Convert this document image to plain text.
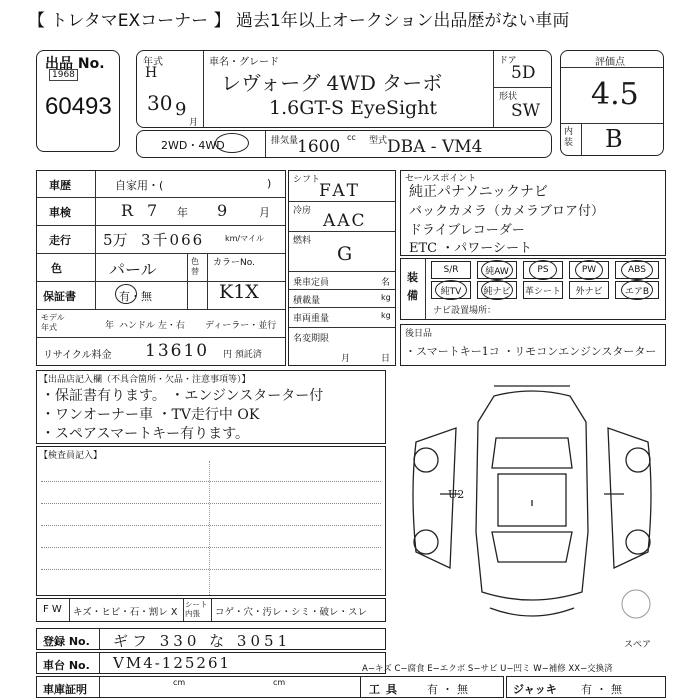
【 トレタマEXコーナー 】 過去1年以上オークション出品歴がない車両
出品 No.
1968
60493
年式
H
30 9
月
車名・グレード
レヴォーグ 4WD ターボ
1.6GT-S EyeSight
ドア
5D
形状
SW
評価点
4.5
内装 B
2WD・4WD	排気量
1600 cc 型式 DBA - VM4
車歴	自家用・(	)
車検	R 7 年 9	月
走行 5万 3千066	km/マイル
色	パール	色替
カラーNo.
保証書	有・無	K1X
モデル年式	年 ハンドル 左・右 ディーラー・並行
リサイクル料金 13610 円 預託済
シフト
FAT
冷房 AAC
燃料
G
乗車定員	名
積載量	kg
車両重量	kg
名変期限
月	日
セールスポイント
純正パナソニックナビ
バックカメラ（カメラブロア付）
ドライブレコーダー
ETC ・パワーシート
装備
S/R	純AW	PS	PW	ABS
純TV	純ナビ	革シート	外ナビ	エアB
ナビ設置場所：
後日品
・スマートキー1コ ・リモコンエンジンスターター
【出品店記入欄（不具合箇所・欠品・注意事項等）】
・保証書有ります。 ・エンジンスターター付
・ワンオーナー車 ・TV走行中 OK
・スペアスマートキー有ります。
【検査員記入】
U2
スペア
F W キズ・ヒビ・石・割レ X
シート 内張	コゲ・穴・汚レ・シミ・破レ・スレ
登録 No. ギフ 330 な 3051
車台 No. VM4-125261
車庫証明
cm	cm
A−キズ C−腐食 E−エクボ S−サビ U−凹ミ W−補修 XX−交換済
工具 有・無	ジャッキ 有・無
